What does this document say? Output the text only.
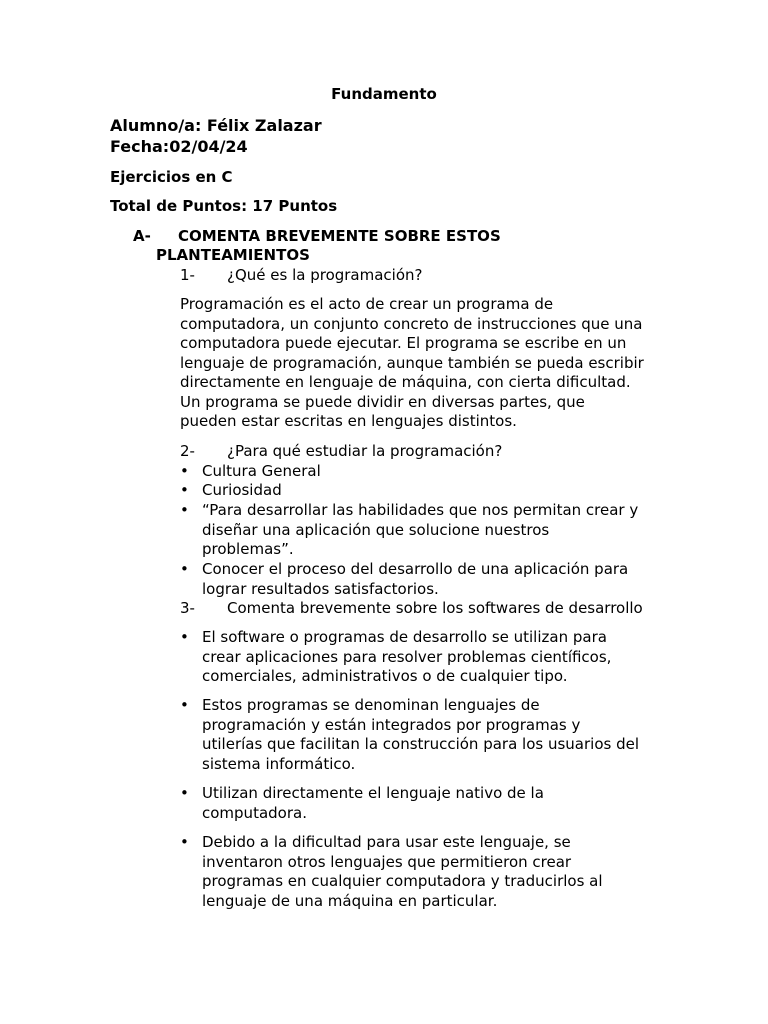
Fundamento
Alumno/a: Félix Zalazar
Fecha:02/04/24
Ejercicios en C
Total de Puntos: 17 Puntos
A- COMENTA BREVEMENTE SOBRE ESTOS
PLANTEAMIENTOS
1- ¿Qué es la programación?
Programación es el acto de crear un programa de
computadora, un conjunto concreto de instrucciones que una
computadora puede ejecutar. El programa se escribe en un
lenguaje de programación, aunque también se pueda escribir
directamente en lenguaje de máquina, con cierta dificultad.
Un programa se puede dividir en diversas partes, que
pueden estar escritas en lenguajes distintos.
2- ¿Para qué estudiar la programación?
• Cultura General
• Curiosidad
• “Para desarrollar las habilidades que nos permitan crear y
diseñar una aplicación que solucione nuestros
problemas”.
• Conocer el proceso del desarrollo de una aplicación para
lograr resultados satisfactorios.
3- Comenta brevemente sobre los softwares de desarrollo
• El software o programas de desarrollo se utilizan para
crear aplicaciones para resolver problemas científicos,
comerciales, administrativos o de cualquier tipo.
• Estos programas se denominan lenguajes de
programación y están integrados por programas y
utilerías que facilitan la construcción para los usuarios del
sistema informático.
• Utilizan directamente el lenguaje nativo de la
computadora.
• Debido a la dificultad para usar este lenguaje, se
inventaron otros lenguajes que permitieron crear
programas en cualquier computadora y traducirlos al
lenguaje de una máquina en particular.
